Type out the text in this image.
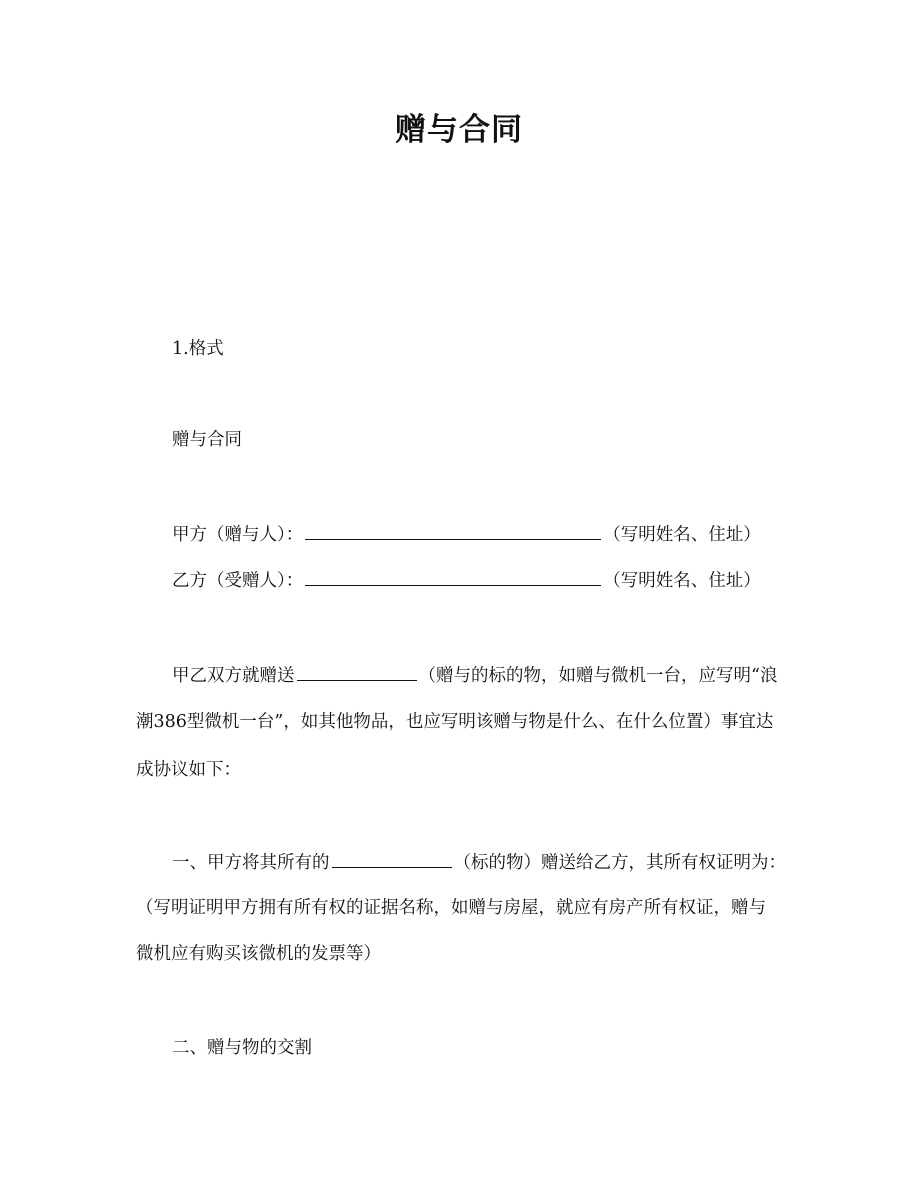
赠与合同
1.格式
赠与合同
甲方（赠与人）：	（写明姓名、住址）
乙方（受赠人）：	（写明姓名、住址）
甲乙双方就赠送	（赠与的标的物，如赠与微机一台，应写明“浪
潮386型微机一台”，如其他物品，也应写明该赠与物是什么、在什么位置）事宜达
成协议如下：
一、甲方将其所有的	（标的物）赠送给乙方，其所有权证明为：
（写明证明甲方拥有所有权的证据名称，如赠与房屋，就应有房产所有权证，赠与
微机应有购买该微机的发票等）
二、赠与物的交割
